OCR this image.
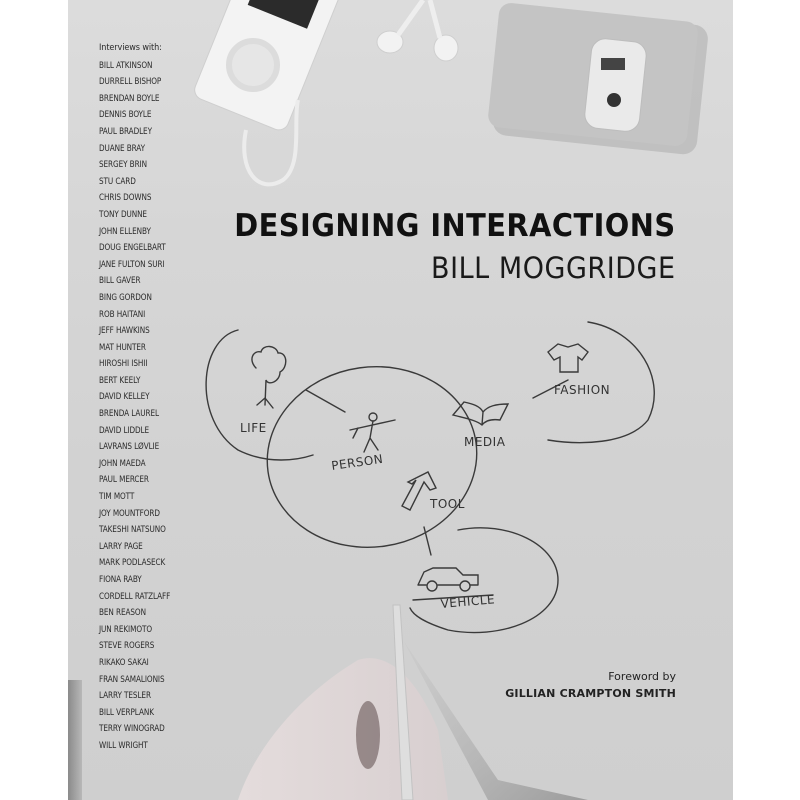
Interviews with:
BILL ATKINSON
DURRELL BISHOP
BRENDAN BOYLE
DENNIS BOYLE
PAUL BRADLEY
DUANE BRAY
SERGEY BRIN
STU CARD
CHRIS DOWNS
TONY DUNNE
JOHN ELLENBY
DOUG ENGELBART
JANE FULTON SURI
BILL GAVER
BING GORDON
ROB HAITANI
JEFF HAWKINS
MAT HUNTER
HIROSHI ISHII
BERT KEELY
DAVID KELLEY
BRENDA LAUREL
DAVID LIDDLE
LAVRANS LØVLIE
JOHN MAEDA
PAUL MERCER
TIM MOTT
JOY MOUNTFORD
TAKESHI NATSUNO
LARRY PAGE
MARK PODLASECK
FIONA RABY
CORDELL RATZLAFF
BEN REASON
JUN REKIMOTO
STEVE ROGERS
RIKAKO SAKAI
FRAN SAMALIONIS
LARRY TESLER
BILL VERPLANK
TERRY WINOGRAD
WILL WRIGHT
DESIGNING INTERACTIONS
BILL MOGGRIDGE
LIFE
PERSON
MEDIA
FASHION
TOOL
VEHICLE
Foreword by
GILLIAN CRAMPTON SMITH
